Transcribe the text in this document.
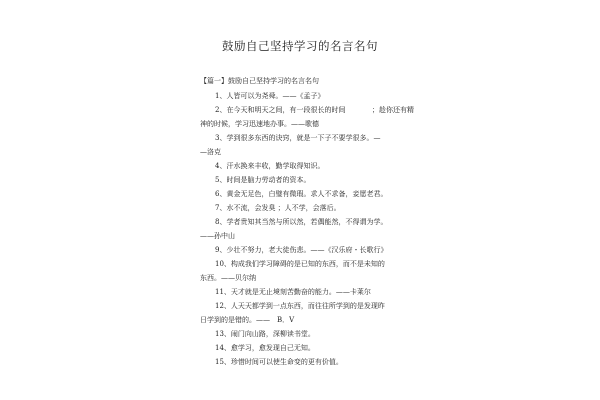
鼓励自己坚持学习的名言名句
【篇一】鼓励自己坚持学习的名言名句
1、人皆可以为尧舜。——《孟子》
2、在今天和明天之间，有一段很长的时间	；趁你还有精
神的时候，学习迅速地办事。——歌德
3、学到很多东西的诀窍，就是一下子不要学很多。—
—洛克
4、汗水换来丰收，勤学取得知识。
5、时间是脑力劳动者的资本。
6、黄金无足色，白璧有微瑕。求人不求备，妾愿老君。
7、水不流，会发臭 ；人不学，会落后。
8、学者贵知其当然与所以然，若偶能然，不得谓为学。
——孙中山
9、少壮不努力，老大徒伤悲。——《汉乐府・长歌行》
10、构成我们学习障碍的是已知的东西，而不是未知的
东西。——贝尔纳
11、天才就是无止境刻苦勤奋的能力。——卡莱尔
12、人天天都学到一点东西，而往往所学到的是发现昨
日学到的是错的。——　B．V
13、闹门向山路，深柳读书堂。
14、愈学习，愈发现自己无知。
15、珍惜时间可以使生命变的更有价值。
